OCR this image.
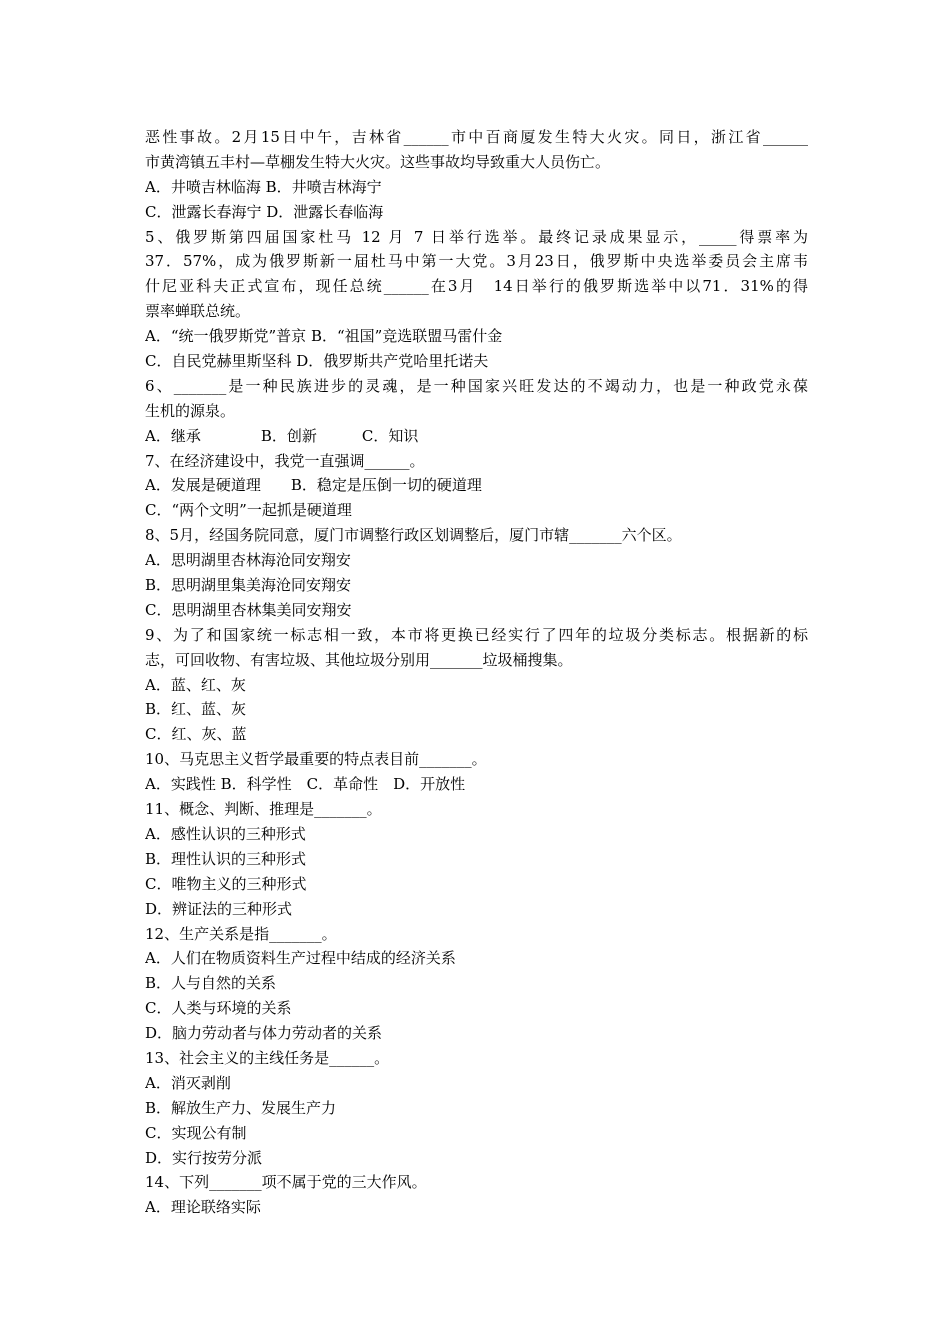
恶性事故。2月15日中午，吉林省______市中百商厦发生特大火灾。同日，浙江省______
市黄湾镇五丰村—草棚发生特大火灾。这些事故均导致重大人员伤亡。
A．井喷吉林临海 B．井喷吉林海宁
C．泄露长春海宁 D．泄露长春临海
5、俄罗斯第四届国家杜马 12 月 7 日举行选举。最终记录成果显示，_____得票率为
37．57%，成为俄罗斯新一届杜马中第一大党。3月23日，俄罗斯中央选举委员会主席韦
什尼亚科夫正式宣布，现任总统______在3月　14日举行的俄罗斯选举中以71．31%的得
票率蝉联总统。
A．“统一俄罗斯党”普京 B．“祖国”竞选联盟马雷什金
C．自民党赫里斯坚科 D．俄罗斯共产党哈里托诺夫
6、_______是一种民族进步的灵魂，是一种国家兴旺发达的不竭动力，也是一种政党永葆
生机的源泉。
A．继承　　　　B．创新　　　C．知识
7、在经济建设中，我党一直强调______。
A．发展是硬道理　　B．稳定是压倒一切的硬道理
C．“两个文明”一起抓是硬道理
8、5月，经国务院同意，厦门市调整行政区划调整后，厦门市辖_______六个区。
A．思明湖里杏林海沧同安翔安
B．思明湖里集美海沧同安翔安
C．思明湖里杏林集美同安翔安
9、为了和国家统一标志相一致，本市将更换已经实行了四年的垃圾分类标志。根据新的标
志，可回收物、有害垃圾、其他垃圾分别用_______垃圾桶搜集。
A．蓝、红、灰
B．红、蓝、灰
C．红、灰、蓝
10、马克思主义哲学最重要的特点表目前_______。
A．实践性 B．科学性　C．革命性　D．开放性
11、概念、判断、推理是_______。
A．感性认识的三种形式
B．理性认识的三种形式
C．唯物主义的三种形式
D．辨证法的三种形式
12、生产关系是指_______。
A．人们在物质资料生产过程中结成的经济关系
B．人与自然的关系
C．人类与环境的关系
D．脑力劳动者与体力劳动者的关系
13、社会主义的主线任务是______。
A．消灭剥削
B．解放生产力、发展生产力
C．实现公有制
D．实行按劳分派
14、下列_______项不属于党的三大作风。
A．理论联络实际
